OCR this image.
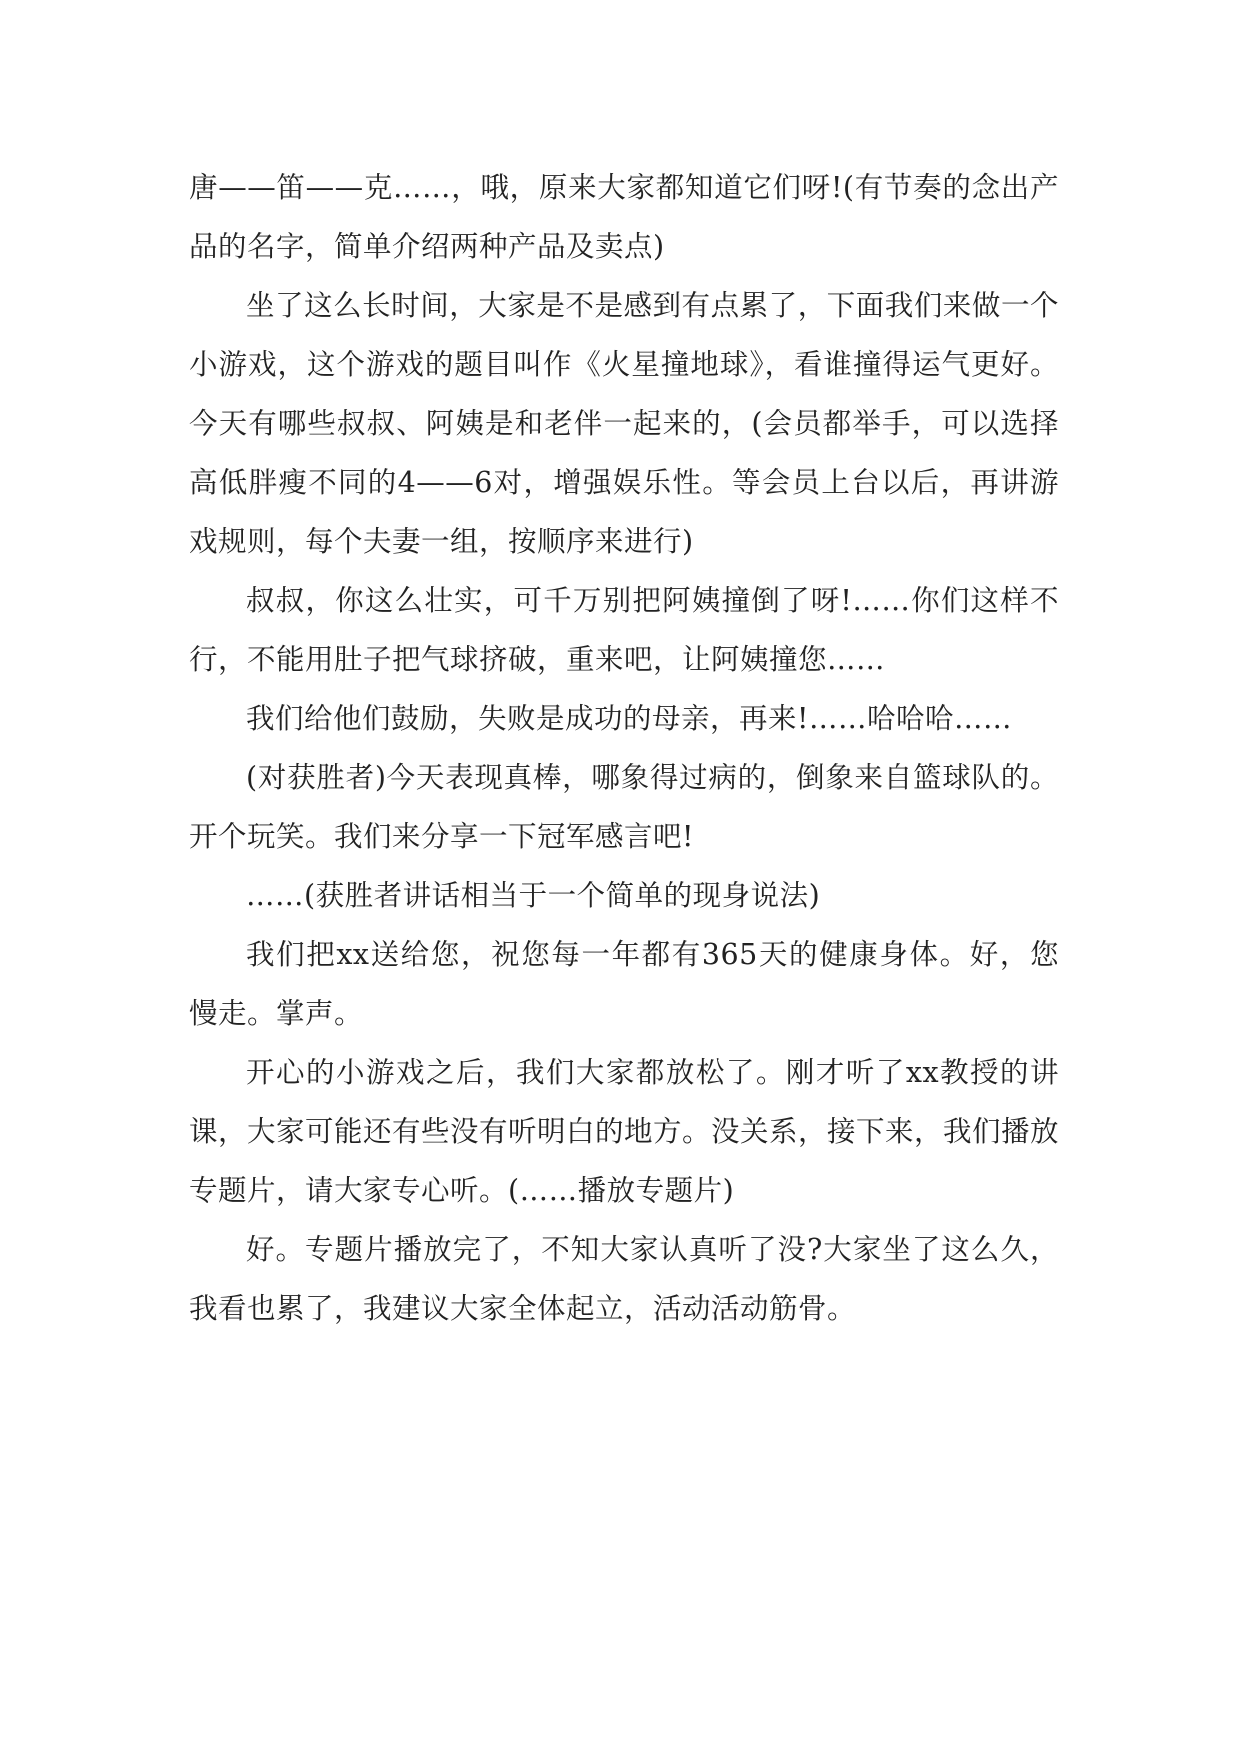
唐——笛——克……，哦，原来大家都知道它们呀!(有节奏的念出产品的名字，简单介绍两种产品及卖点)

坐了这么长时间，大家是不是感到有点累了，下面我们来做一个小游戏，这个游戏的题目叫作《火星撞地球》，看谁撞得运气更好。今天有哪些叔叔、阿姨是和老伴一起来的，(会员都举手，可以选择高低胖瘦不同的4——6对，增强娱乐性。等会员上台以后，再讲游戏规则，每个夫妻一组，按顺序来进行)

叔叔，你这么壮实，可千万别把阿姨撞倒了呀!……你们这样不行，不能用肚子把气球挤破，重来吧，让阿姨撞您……

我们给他们鼓励，失败是成功的母亲，再来!……哈哈哈……

(对获胜者)今天表现真棒，哪象得过病的，倒象来自篮球队的。开个玩笑。我们来分享一下冠军感言吧!

……(获胜者讲话相当于一个简单的现身说法)

我们把xx送给您，祝您每一年都有365天的健康身体。好，您慢走。掌声。

开心的小游戏之后，我们大家都放松了。刚才听了xx教授的讲课，大家可能还有些没有听明白的地方。没关系，接下来，我们播放专题片，请大家专心听。(……播放专题片)

好。专题片播放完了，不知大家认真听了没?大家坐了这么久，我看也累了，我建议大家全体起立，活动活动筋骨。
